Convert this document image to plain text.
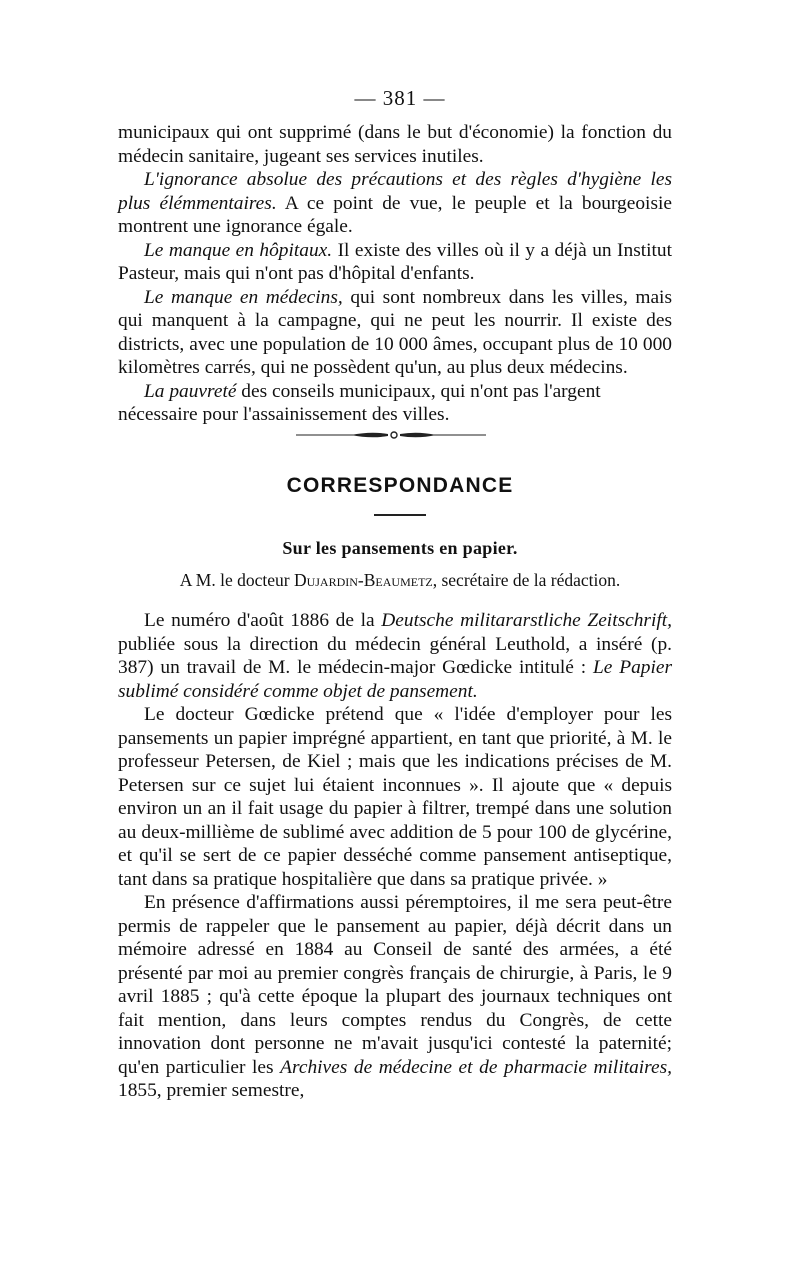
— 381 —

municipaux qui ont supprimé (dans le but d'économie) la fonction du médecin sanitaire, jugeant ses services inutiles.

L'ignorance absolue des précautions et des règles d'hygiène les plus élémmentaires. A ce point de vue, le peuple et la bourgeoisie montrent une ignorance égale.

Le manque en hôpitaux. Il existe des villes où il y a déjà un Institut Pasteur, mais qui n'ont pas d'hôpital d'enfants.

Le manque en médecins, qui sont nombreux dans les villes, mais qui manquent à la campagne, qui ne peut les nourrir. Il existe des districts, avec une population de 10 000 âmes, occupant plus de 10 000 kilomètres carrés, qui ne possèdent qu'un, au plus deux médecins.

La pauvreté des conseils municipaux, qui n'ont pas l'argent nécessaire pour l'assainissement des villes.

CORRESPONDANCE
Sur les pansements en papier.
A M. le docteur Dujardin-Beaumetz, secrétaire de la rédaction.

Le numéro d'août 1886 de la Deutsche militararstliche Zeitschrift, publiée sous la direction du médecin général Leuthold, a inséré (p. 387) un travail de M. le médecin-major Gœdicke intitulé : Le Papier sublimé considéré comme objet de pansement.

Le docteur Gœdicke prétend que « l'idée d'employer pour les pansements un papier imprégné appartient, en tant que priorité, à M. le professeur Petersen, de Kiel ; mais que les indications précises de M. Petersen sur ce sujet lui étaient inconnues ». Il ajoute que « depuis environ un an il fait usage du papier à filtrer, trempé dans une solution au deux-millième de sublimé avec addition de 5 pour 100 de glycérine, et qu'il se sert de ce papier desséché comme pansement antiseptique, tant dans sa pratique hospitalière que dans sa pratique privée. »

En présence d'affirmations aussi péremptoires, il me sera peut-être permis de rappeler que le pansement au papier, déjà décrit dans un mémoire adressé en 1884 au Conseil de santé des armées, a été présenté par moi au premier congrès français de chirurgie, à Paris, le 9 avril 1885 ; qu'à cette époque la plupart des journaux techniques ont fait mention, dans leurs comptes rendus du Congrès, de cette innovation dont personne ne m'avait jusqu'ici contesté la paternité; qu'en particulier les Archives de médecine et de pharmacie militaires, 1855, premier semestre,
